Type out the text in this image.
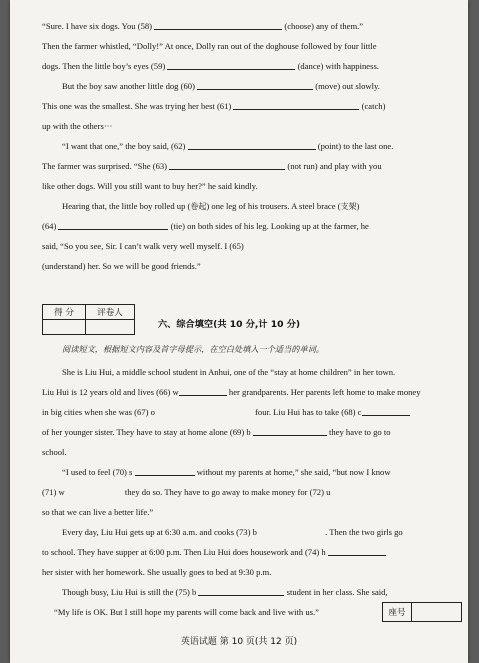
“Sure. I have six dogs. You (58)	(choose) any of them.”
Then the farmer whistled, “Dolly!” At once, Dolly ran out of the doghouse followed by four little
dogs. Then the little boy’s eyes (59)	(dance) with happiness.
But the boy saw another little dog (60)	(move) out slowly.
This one was the smallest. She was trying her best (61)	(catch)
up with the others···
“I want that one,” the boy said, (62)	(point) to the last one.
The farmer was surprised. “She (63)	(not run) and play with you
like other dogs. Will you still want to buy her?” he said kindly.
Hearing that, the little boy rolled up (卷起) one leg of his trousers. A steel brace (支架)
(64)	(tie) on both sides of his leg. Looking up at the farmer, he
said, “So you see, Sir. I can’t walk very well myself. I (65)
(understand) her. So we will be good friends.”
得 分	评卷人

六、综合填空(共 10 分,计 10 分)
阅读短文，根据短文内容及首字母提示，在空白处填入一个适当的单词。
She is Liu Hui, a middle school student in Anhui, one of the “stay at home children” in her town.
Liu Hui is 12 years old and lives (66) w	her grandparents. Her parents left home to make money
in big cities when she was (67) o	four. Liu Hui has to take (68) c
of her younger sister. They have to stay at home alone (69) b	they have to go to
school.
“I used to feel (70) s	without my parents at home,” she said, “but now I know
(71) w	they do so. They have to go away to make money for (72) u
so that we can live a better life.”
Every day, Liu Hui gets up at 6:30 a.m. and cooks (73) b	. Then the two girls go
to school. They have supper at 6:00 p.m. Then Liu Hui does housework and (74) h
her sister with her homework. She usually goes to bed at 9:30 p.m.
Though busy, Liu Hui is still the (75) b	student in her class. She said,
“My life is OK. But I still hope my parents will come back and live with us.”	座号
英语试题 第 10 页(共 12 页)
